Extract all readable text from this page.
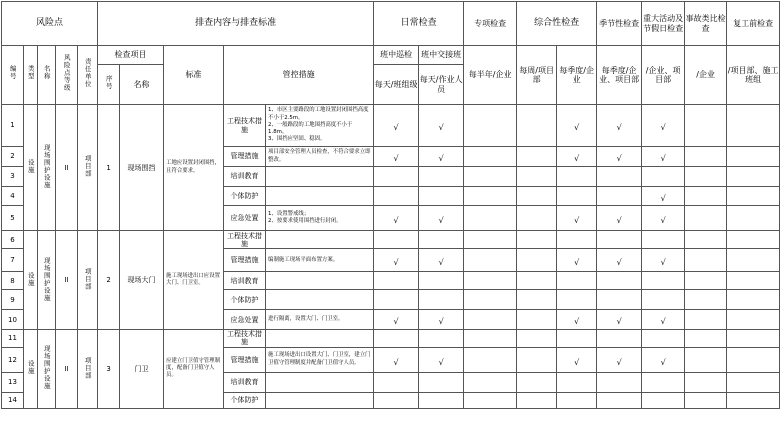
风险点					排查内容与排查标准					日常检查		专项检查	综合性检查		季节性检查	重大活动及节假日检查	事故类比检查	复工前检查	
编号	类型	名称	风险点等级	责任单位	检查项目		标准	管控措施		班中巡检	班中交接班	每半年/企业	每周/项目部	每季度/企业	每季度/企业、项目部	/企业、项目部	/企业	/项目部、施工班组	
					序号	名称				每天/班组级	每天/作业人员								
1	设施	现场围护设施	II	项目部	1	现场围挡	工地应设置封闭围挡，且符合要求。	工程技术措施	1、市区主要路段的工地设置封闭围挡高度不小于2.5m。
2、一般路段的工地围挡高度不小于1.8m。
3、围挡应坚固、稳固。	√	√			√	√	√			
2								管理措施	项目部安全管理人员检查，不符合要求立即整改。	√	√			√	√	√			
3								培训教育											
4								个体防护								√			
5								应急处置	1、设置警戒线；
2、按要求使用围挡进行封闭。	√	√			√	√	√			
6	设施	现场围护设施	II	项目部	2	现场大门	施工现场进出口应设置大门、门卫室。	工程技术措施											
7								管理措施	编制施工现场平面布置方案。	√	√			√	√	√			
8								培训教育											
9								个体防护											
10								应急处置	进行隔离，设置大门、门卫室。	√	√			√	√	√			
11	设施	现场围护设施	II	项目部	3	门卫	应建立门卫值守管理制度，配备门卫值守人员。	工程技术措施											
12								管理措施	施工现场进出口设置大门、门卫室，建立门卫值守管理制度并配备门卫值守人员。	√	√			√	√	√			
13								培训教育											
14								个体防护											
